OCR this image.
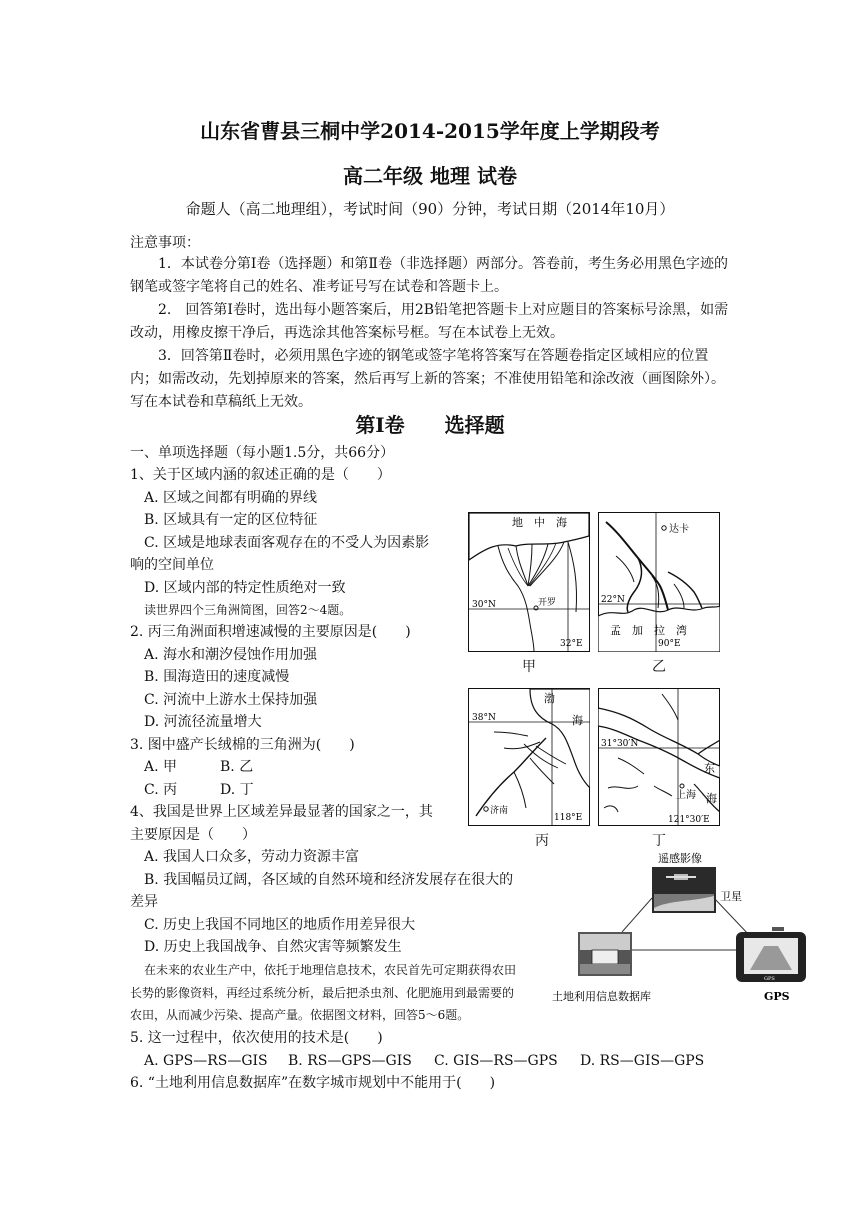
山东省曹县三桐中学2014-2015学年度上学期段考
高二年级 地理 试卷
命题人（高二地理组），考试时间（90）分钟，考试日期（2014年10月）
注意事项：
1．本试卷分第Ⅰ卷（选择题）和第Ⅱ卷（非选择题）两部分。答卷前，考生务必用黑色字迹的钢笔或签字笔将自己的姓名、准考证号写在试卷和答题卡上。
2.　回答第Ⅰ卷时，选出每小题答案后，用2B铅笔把答题卡上对应题目的答案标号涂黑，如需改动，用橡皮擦干净后，再选涂其他答案标号框。写在本试卷上无效。
3．回答第Ⅱ卷时，必须用黑色字迹的钢笔或签字笔将答案写在答题卷指定区域相应的位置内；如需改动，先划掉原来的答案，然后再写上新的答案；不准使用铅笔和涂改液（画图除外）。写在本试卷和草稿纸上无效。
第Ⅰ卷　　选择题
一、单项选择题（每小题1.5分，共66分）
1、关于区域内涵的叙述正确的是（　　）
A. 区域之间都有明确的界线
B. 区域具有一定的区位特征
C. 区域是地球表面客观存在的不受人为因素影
响的空间单位
D. 区域内部的特定性质绝对一致
读世界四个三角洲简图，回答2～4题。
2. 丙三角洲面积增速减慢的主要原因是(　　)
A. 海水和潮汐侵蚀作用加强
B. 围海造田的速度减慢
C. 河流中上游水土保持加强
D. 河流径流量增大
3. 图中盛产长绒棉的三角洲为(　　)
A. 甲	B. 乙
C. 丙	D. 丁
4、我国是世界上区域差异最显著的国家之一，其
主要原因是（　　）
A. 我国人口众多，劳动力资源丰富
B. 我国幅员辽阔，各区域的自然环境和经济发展存在很大的
差异
C. 历史上我国不同地区的地质作用差异很大
D. 历史上我国战争、自然灾害等频繁发生
在未来的农业生产中，依托于地理信息技术，农民首先可定期获得农田
长势的影像资料，再经过系统分析，最后把杀虫剂、化肥施用到最需要的
农田，从而减少污染、提高产量。依据图文材料，回答5～6题。
5. 这一过程中，依次使用的技术是(　　)
A. GPS—RS—GIS B. RS—GPS—GIS C. GIS—RS—GPS D. RS—GIS—GPS
6. “土地利用信息数据库”在数字城市规划中不能用于(　　)
地　中　海
30°N	开罗
32°E
甲
达卡
22°N
孟　加　拉　湾
90°E
乙
渤
海
38°N
济南
118°E
丙
31°30′N
东
海
上海
121°30′E
丁
遥感影像
卫星
土地利用信息数据库
GPS
GPS
